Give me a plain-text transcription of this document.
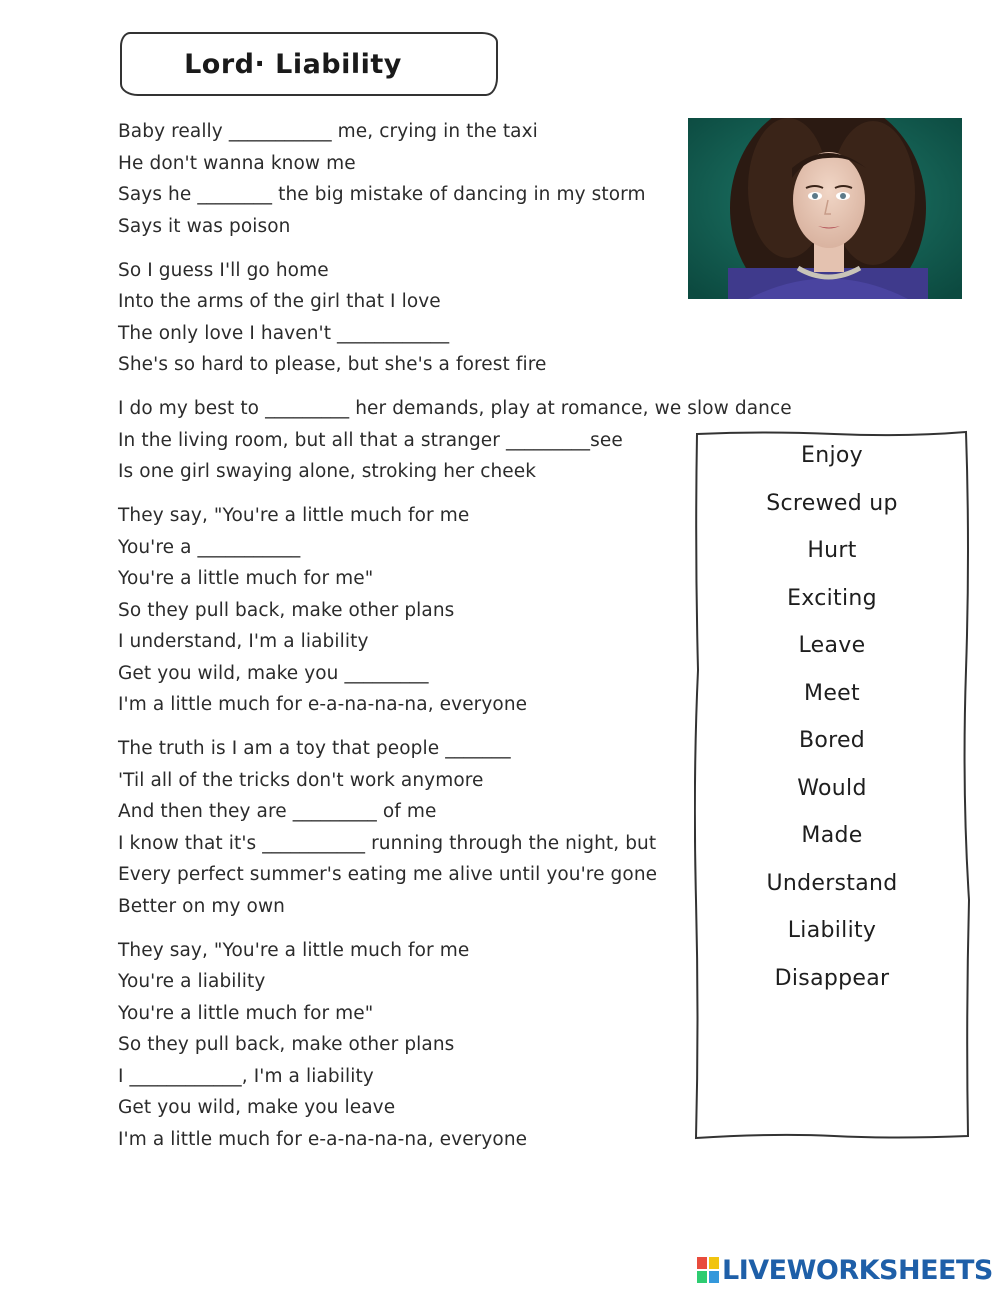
Lord· Liability
Baby really ___________ me, crying in the taxi
He don't wanna know me
Says he ________ the big mistake of dancing in my storm
Says it was poison
So I guess I'll go home
Into the arms of the girl that I love
The only love I haven't ____________
She's so hard to please, but she's a forest fire
I do my best to _________ her demands, play at romance, we slow dance
In the living room, but all that a stranger _________see
Is one girl swaying alone, stroking her cheek
They say, "You're a little much for me
You're a ___________
You're a little much for me"
So they pull back, make other plans
I understand, I'm a liability
Get you wild, make you _________
I'm a little much for e-a-na-na-na, everyone
The truth is I am a toy that people _______
'Til all of the tricks don't work anymore
And then they are _________ of me
I know that it's ___________ running through the night, but
Every perfect summer's eating me alive until you're gone
Better on my own
They say, "You're a little much for me
You're a liability
You're a little much for me"
So they pull back, make other plans
I ____________, I'm a liability
Get you wild, make you leave
I'm a little much for e-a-na-na-na, everyone
Enjoy
Screwed up
Hurt
Exciting
Leave
Meet
Bored
Would
Made
Understand
Liability
Disappear
LIVEWORKSHEETS
